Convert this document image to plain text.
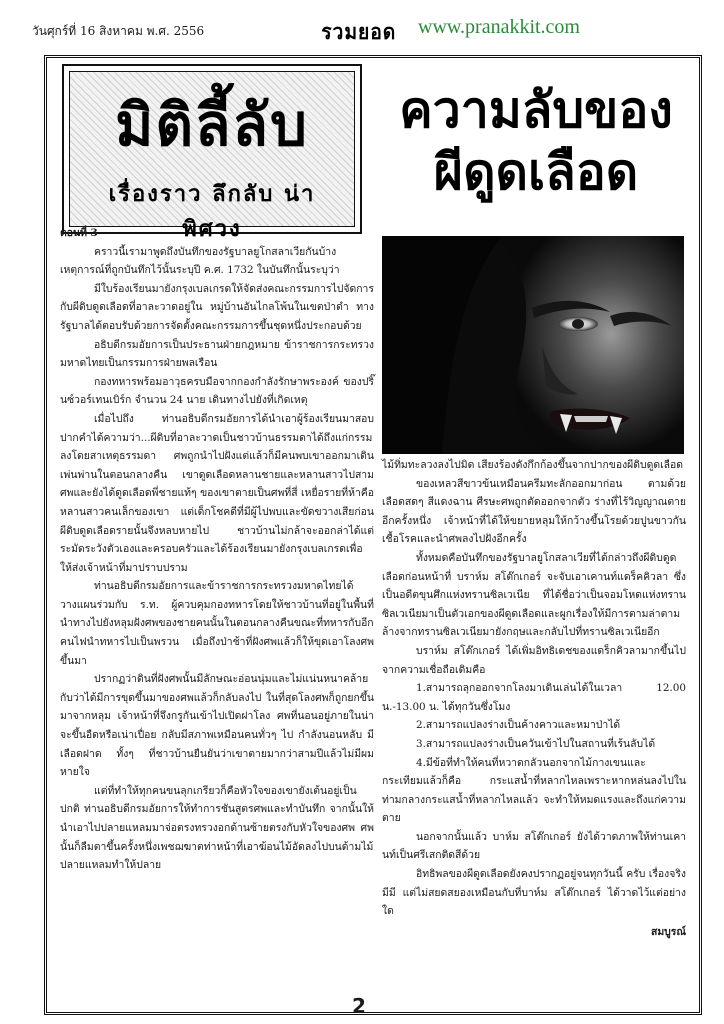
วันศุกร์ที่ 16 สิงหาคม พ.ศ. 2556	รวมยอด www.pranakkit.com
มิติลี้ลับ
เรื่องราว ลึกลับ น่าพิศวง
ความลับของ
ผีดูดเลือด
ตอนที่ 3

คราวนี้เรามาพูดถึงบันทึกของรัฐบาลยูโกสลาเวียกันบ้างเหตุการณ์ที่ถูกบันทึกไว้นั้นระบุปี ค.ศ. 1732 ในบันทึกนั้นระบุว่า

มีใบร้องเรียนมายังกรุงเบลเกรดให้จัดส่งคณะกรรมการไปจัดการกับผีดิบดูดเลือดที่อาละวาดอยู่ใน หมู่บ้านอันไกลโพ้นในเขตป่าดำ ทางรัฐบาลได้ตอบรับด้วยการจัดตั้งคณะกรรมการขึ้นชุดหนึ่งประกอบด้วย

อธิบดีกรมอัยการเป็นประธานฝ่ายกฎหมาย ข้าราชการกระทรวงมหาดไทยเป็นกรรมการฝ่ายพลเรือน

กองทหารพร้อมอาวุธครบมือจากกองกำลังรักษาพระองค์ ของปริ๊นซ์วอร์เทนเบิร์ก จำนวน 24 นาย เดินทางไปยังที่เกิดเหตุ

เมื่อไปถึง ท่านอธิบดีกรมอัยการได้นำเอาผู้ร้องเรียนมาสอบปากคำได้ความว่า...ผีดิบที่อาละวาดเป็นชาวบ้านธรรมดาได้ถึงแก่กรรมลงโดยสาเหตุธรรมดา ศพถูกนำไปฝังแต่แล้วก็มีคนพบเขาออกมาเดินเพ่นพ่านในตอนกลางคืน เขาดูดเลือดหลานชายและหลานสาวไปสามศพและยังได้ดูดเลือดพี่ชายแท้ๆ ของเขาตายเป็นศพที่สี่ เหยื่อรายที่ห้าคือหลานสาวคนเล็กของเขา แต่เด็กโชคดีที่มีผู้ไปพบและขัดขวางเสียก่อนผีดิบดูดเลือดรายนั้นจึงหลบหายไป ชาวบ้านไม่กล้าจะออกล่าได้แต่ระมัดระวังตัวเองและครอบครัวและได้ร้องเรียนมายังกรุงเบลเกรดเพื่อให้ส่งเจ้าหน้าที่มาปราบปราม

ท่านอธิบดีกรมอัยการและข้าราชการกระทรวงมหาดไทยได้วางแผนร่วมกับ ร.ท. ผู้ควบคุมกองทหารโดยให้ชาวบ้านที่อยู่ในพื้นที่นำทางไปยังหลุมฝังศพของชายคนนั้นในตอนกลางคืนขณะที่ทหารกับอีกคนไฟนำทหารไปเป็นพรวน เมื่อถึงป่าช้าที่ฝังศพแล้วก็ให้ขุดเอาโลงศพขึ้นมา

ปรากฏว่าดินที่ฝังศพนั้นมีลักษณะอ่อนนุ่มและไม่แน่นหนาคล้ายกับว่าได้มีการขุดขึ้นมาของศพแล้วก็กลับลงไป ในที่สุดโลงศพก็ถูกยกขึ้นมาจากหลุม เจ้าหน้าที่จึงกรูกันเข้าไปเปิดฝาโลง ศพที่นอนอยู่ภายในน่าจะขึ้นอืดหรือเน่าเปื่อย กลับมีสภาพเหมือนคนทั่วๆ ไป กำลังนอนหลับ มีเลือดฝาด ทั้งๆ ที่ชาวบ้านยืนยันว่าเขาตายมากว่าสามปีแล้วไม่มีผมหายใจ

แต่ที่ทำให้ทุกคนขนลุกเกรียวก็คือหัวใจของเขายังเต้นอยู่เป็นปกติ ท่านอธิบดีกรมอัยการให้ทำการชันสูตรศพและทำบันทึก จากนั้นให้นำเอาไปปลายแหลมมาจ่อตรงทรวงอกด้านซ้ายตรงกับหัวใจของศพ ศพนั้นก็ลืมตาขึ้นครั้งหนึ่งเพชฌฆาตท่าหน้าที่เอาฆ้อนไม้อัดลงไปบนด้ามไม้ปลายแหลมทำให้ปลาย

ไม้ทิ่มทะลวงลงไปมิด เสียงร้องดังกึกก้องขึ้นจากปากของผีดิบดูดเลือด

ของเหลวสีขาวข้นเหมือนครีมทะลักออกมาก่อน ตามด้วยเลือดสดๆ สีแดงฉาน ศีรษะศพถูกตัดออกจากตัว ร่างที่ไร้วิญญาณตายอีกครั้งหนึ่ง เจ้าหน้าที่ได้ให้ขยายหลุมให้กว้างขึ้นโรยด้วยปูนขาวกันเชื้อโรคและนำศพลงไปฝังอีกครั้ง

ทั้งหมดคือบันทึกของรัฐบาลยูโกสลาเวียที่ได้กล่าวถึงผีดิบดูดเลือดก่อนหน้าที่ บราห์ม สโต๊กเกอร์ จะจับเอาเคานท์แดร็คคิวลา ซึ่งเป็นอดีตขุนศึกแห่งทรานซิลเวเนีย ที่ได้ชื่อว่าเป็นจอมโหดแห่งทรานซิลเวเนียมาเป็นตัวเอกของผีดูดเลือดและผูกเรื่องให้มีการตามล่าตามล้างจากทรานซิลเวเนียมายังกฤษและกลับไปที่ทรานซิลเวเนียอีก

บราห์ม สโต๊กเกอร์ ได้เพิ่มอิทธิเดชของแดร็กคิวลามากขึ้นไปจากความเชื่อถือเดิมคือ

1.สามารถลุกออกจากโลงมาเดินเล่นได้ในเวลา 12.00 น.-13.00 น. ได้ทุกวันซึ่งโมง

2.สามารถแปลงร่างเป็นค้างคาวและหมาป่าได้

3.สามารถแปลงร่างเป็นควันเข้าไปในสถานที่เร้นลับได้

4.มีข้อที่ทำให้คนที่หวาดกลัวนอกจากไม้กางเขนและกระเทียมแล้วก็คือ กระแสน้ำที่หลากไหลเพราะหากหล่นลงไปในท่ามกลางกระแสน้ำที่หลากไหลแล้ว จะทำให้หมดแรงและถึงแก่ความตาย

นอกจากนั้นแล้ว บาห์ม สโต๊กเกอร์ ยังได้วาดภาพให้ท่านเคานท์เป็นศรีเสกติดสีด้วย

อิทธิพลของผีดูดเลือดยังคงปรากฏอยู่จนทุกวันนี้ ครับ เรื่องจริงมีมี แต่ไม่สยดสยองเหมือนกับที่บาห์ม สโต๊กเกอร์ ได้วาดไว้แต่อย่างใด

สมบูรณ์
2
